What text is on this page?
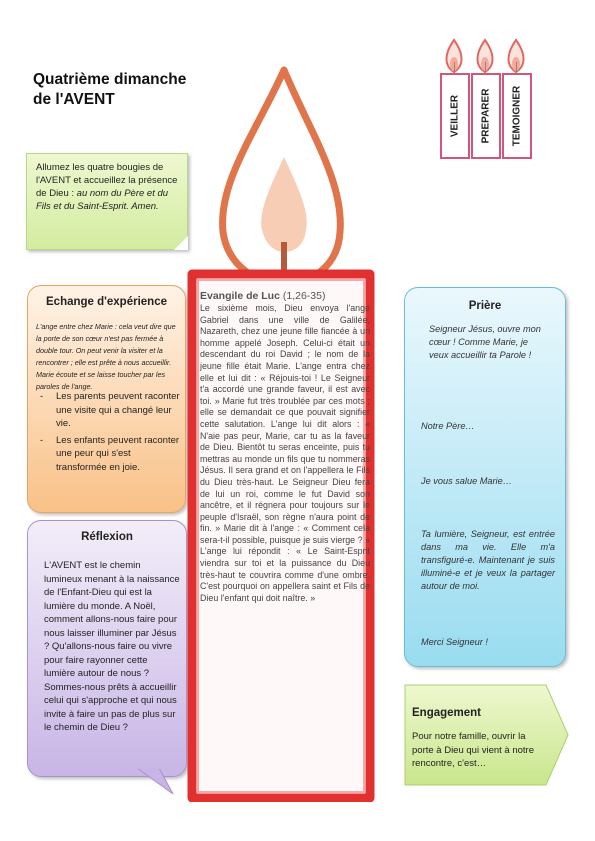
Quatrième dimanche
de l'AVENT	VEILLER PREPARER TEMOIGNER
Allumez les quatre bougies de l'AVENT et accueillez la présence de Dieu : au nom du Père et du Fils et du Saint-Esprit. Amen.
Echange d'expérience
L'ange entre chez Marie : cela veut dire que la porte de son cœur n'est pas fermée à double tour. On peut venir la visiter et la rencontrer ; elle est prête à nous accueillir. Marie écoute et se laisse toucher par les paroles de l'ange.
- Les parents peuvent raconter une visite qui a changé leur vie.
- Les enfants peuvent raconter une peur qui s'est transformée en joie.
Réflexion
L'AVENT est le chemin lumineux menant à la naissance de l'Enfant-Dieu qui est la lumière du monde. A Noël, comment allons-nous faire pour nous laisser illuminer par Jésus ? Qu'allons-nous faire ou vivre pour faire rayonner cette lumière autour de nous ? Sommes-nous prêts à accueillir celui qui s'approche et qui nous invite à faire un pas de plus sur le chemin de Dieu ?
Evangile de Luc (1,26-35)
Le sixième mois, Dieu envoya l'ange Gabriel dans une ville de Galilée, Nazareth, chez une jeune fille fiancée à un homme appelé Joseph. Celui-ci était un descendant du roi David ; le nom de la jeune fille était Marie. L'ange entra chez elle et lui dit : « Réjouis-toi ! Le Seigneur t'a accordé une grande faveur, il est avec toi. » Marie fut très troublée par ces mots ; elle se demandait ce que pouvait signifier cette salutation. L'ange lui dit alors : « N'aie pas peur, Marie, car tu as la faveur de Dieu. Bientôt tu seras enceinte, puis tu mettras au monde un fils que tu nommeras Jésus. Il sera grand et on l'appellera le Fils du Dieu très-haut. Le Seigneur Dieu fera de lui un roi, comme le fut David son ancêtre, et il régnera pour toujours sur le peuple d'Israël, son règne n'aura point de fin. » Marie dit à l'ange : « Comment cela sera-t-il possible, puisque je suis vierge ? » L'ange lui répondit : « Le Saint-Esprit viendra sur toi et la puissance du Dieu très-haut te couvrira comme d'une ombre. C'est pourquoi on appellera saint et Fils de Dieu l'enfant qui doit naître. »
Prière
Seigneur Jésus, ouvre mon cœur ! Comme Marie, je veux accueillir ta Parole !
Notre Père…
Je vous salue Marie…
Ta lumière, Seigneur, est entrée dans ma vie. Elle m'a transfiguré-e. Maintenant je suis illuminé-e et je veux la partager autour de moi.
Merci Seigneur !
Engagement
Pour notre famille, ouvrir la porte à Dieu qui vient à notre rencontre, c'est…
